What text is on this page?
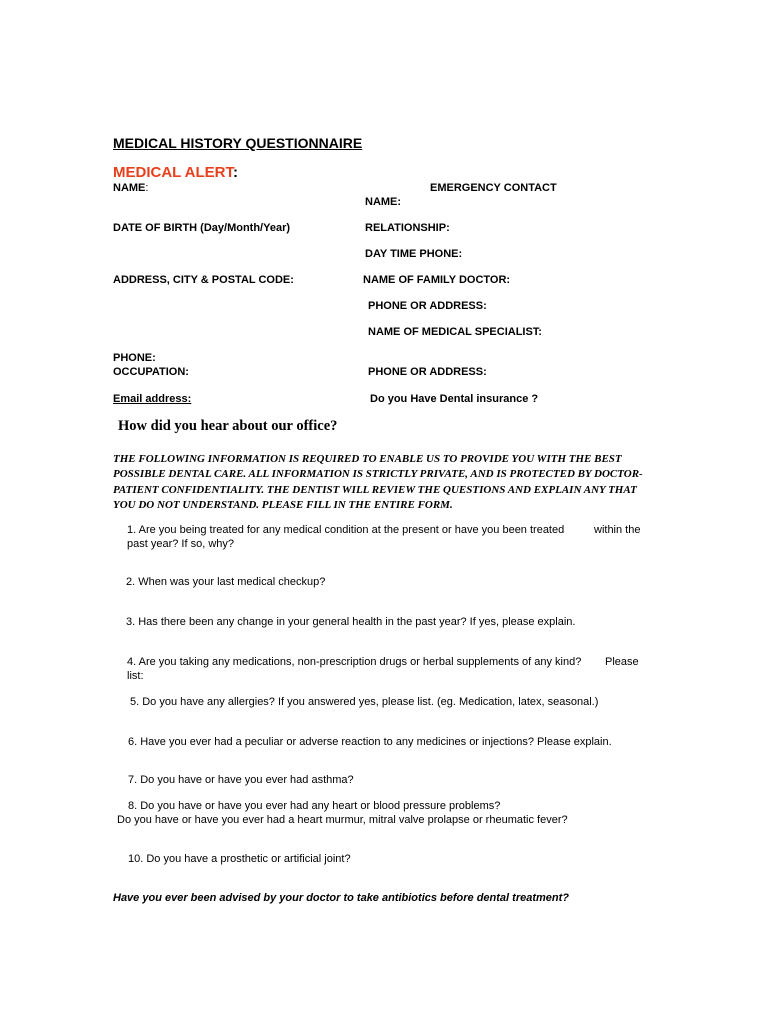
MEDICAL HISTORY QUESTIONNAIRE
MEDICAL ALERT:
NAME:
DATE OF BIRTH (Day/Month/Year)
ADDRESS, CITY & POSTAL CODE:
PHONE:
OCCUPATION:
Email address:
EMERGENCY CONTACT
NAME:
RELATIONSHIP:
DAY TIME PHONE:
NAME OF FAMILY DOCTOR:
PHONE OR ADDRESS:
NAME OF MEDICAL SPECIALIST:
PHONE OR ADDRESS:
Do you Have Dental insurance ?
How did you hear about our office?
THE FOLLOWING INFORMATION IS REQUIRED TO ENABLE US TO PROVIDE YOU WITH THE BEST POSSIBLE DENTAL CARE. ALL INFORMATION IS STRICTLY PRIVATE, AND IS PROTECTED BY DOCTOR-PATIENT CONFIDENTIALITY. THE DENTIST WILL REVIEW THE QUESTIONS AND EXPLAIN ANY THAT YOU DO NOT UNDERSTAND. PLEASE FILL IN THE ENTIRE FORM.
1. Are you being treated for any medical condition at the present or have you been treated	within the
past year? If so, why?
2. When was your last medical checkup?
3. Has there been any change in your general health in the past year? If yes, please explain.
4. Are you taking any medications, non-prescription drugs or herbal supplements of any kind? Please
list:
5. Do you have any allergies? If you answered yes, please list. (eg. Medication, latex, seasonal.)
6. Have you ever had a peculiar or adverse reaction to any medicines or injections? Please explain.
7. Do you have or have you ever had asthma?
8. Do you have or have you ever had any heart or blood pressure problems?
Do you have or have you ever had a heart murmur, mitral valve prolapse or rheumatic fever?
10. Do you have a prosthetic or artificial joint?
Have you ever been advised by your doctor to take antibiotics before dental treatment?
